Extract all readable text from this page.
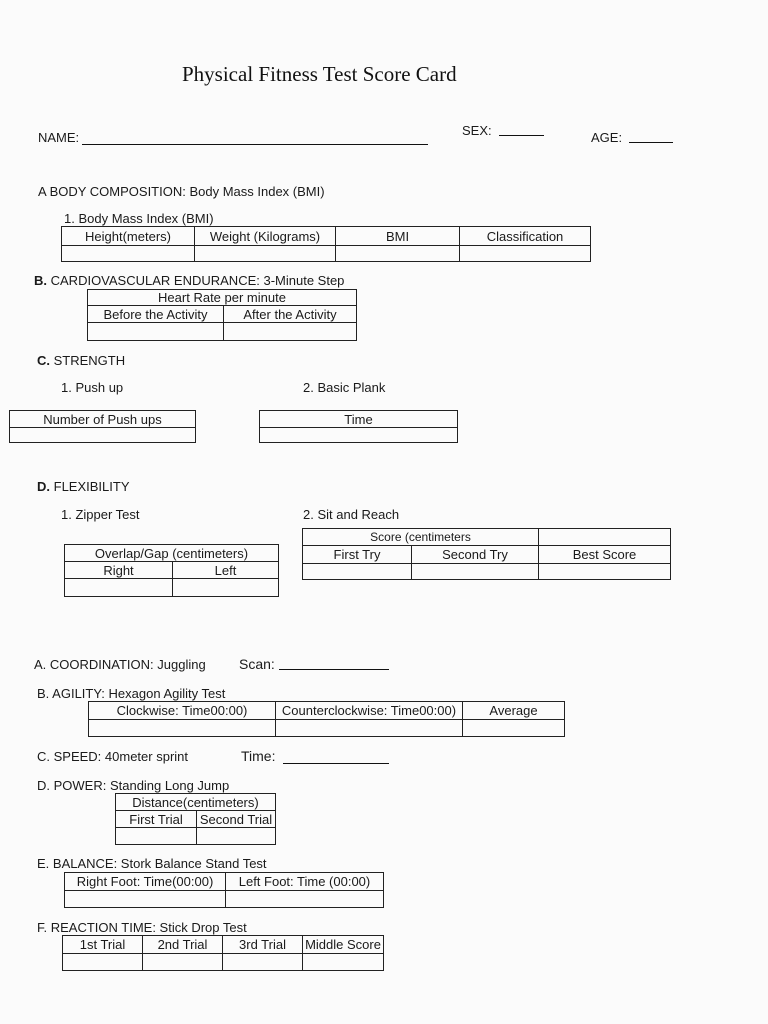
Physical Fitness Test Score Card
NAME:	SEX:	AGE:
A BODY COMPOSITION: Body Mass Index (BMI)
1. Body Mass Index (BMI)
Height(meters)	Weight (Kilograms)	BMI	Classification

B. CARDIOVASCULAR ENDURANCE: 3-Minute Step
Heart Rate per minute	
Before the Activity	After the Activity

C. STRENGTH
1. Push up	2. Basic Plank
Number of Push ups	Time

D. FLEXIBILITY
1. Zipper Test	2. Sit and Reach
Overlap/Gap (centimeters)	
Right	Left

Score (centimeters		
First Try	Second Try	Best Score

A. COORDINATION: Juggling Scan:
B. AGILITY: Hexagon Agility Test
Clockwise: Time00:00)	Counterclockwise: Time00:00)	Average

C. SPEED: 40meter sprint	Time:
D. POWER: Standing Long Jump
Distance(centimeters)	
First Trial	Second Trial

E. BALANCE: Stork Balance Stand Test
Right Foot: Time(00:00)	Left Foot: Time (00:00)

F. REACTION TIME: Stick Drop Test
1st Trial	2nd Trial	3rd Trial	Middle Score
